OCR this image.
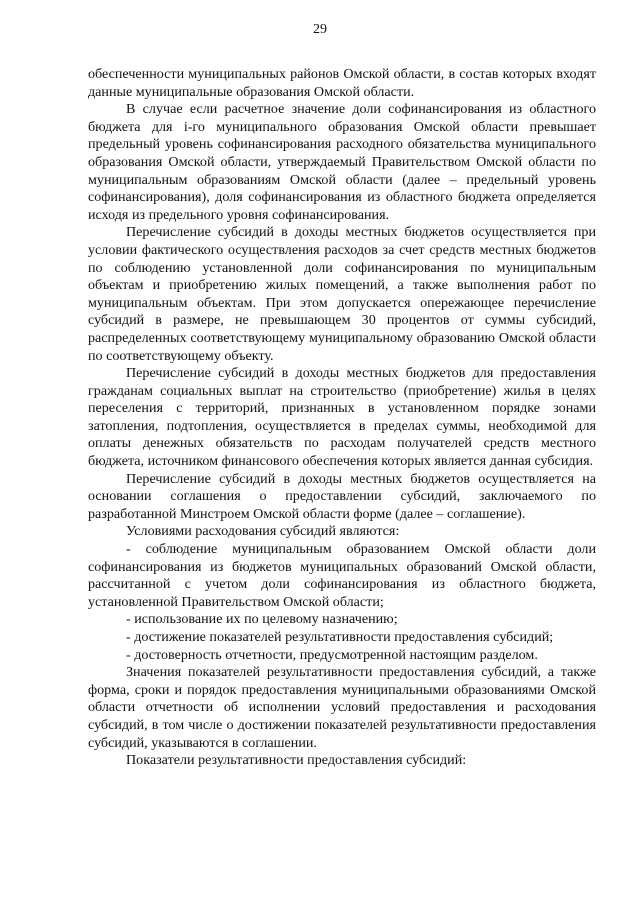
29

обеспеченности муниципальных районов Омской области, в состав которых входят данные муниципальные образования Омской области.

В случае если расчетное значение доли софинансирования из областного бюджета для i-го муниципального образования Омской области превышает предельный уровень софинансирования расходного обязательства муниципального образования Омской области, утверждаемый Правительством Омской области по муниципальным образованиям Омской области (далее – предельный уровень софинансирования), доля софинансирования из областного бюджета определяется исходя из предельного уровня софинансирования.

Перечисление субсидий в доходы местных бюджетов осуществляется при условии фактического осуществления расходов за счет средств местных бюджетов по соблюдению установленной доли софинансирования по муниципальным объектам и приобретению жилых помещений, а также выполнения работ по муниципальным объектам. При этом допускается опережающее перечисление субсидий в размере, не превышающем 30 процентов от суммы субсидий, распределенных соответствующему муниципальному образованию Омской области по соответствующему объекту.

Перечисление субсидий в доходы местных бюджетов для предоставления гражданам социальных выплат на строительство (приобретение) жилья в целях переселения с территорий, признанных в установленном порядке зонами затопления, подтопления, осуществляется в пределах суммы, необходимой для оплаты денежных обязательств по расходам получателей средств местного бюджета, источником финансового обеспечения которых является данная субсидия.

Перечисление субсидий в доходы местных бюджетов осуществляется на основании соглашения о предоставлении субсидий, заключаемого по разработанной Минстроем Омской области форме (далее – соглашение).

Условиями расходования субсидий являются:

- соблюдение муниципальным образованием Омской области доли софинансирования из бюджетов муниципальных образований Омской области, рассчитанной с учетом доли софинансирования из областного бюджета, установленной Правительством Омской области;

- использование их по целевому назначению;

- достижение показателей результативности предоставления субсидий;

- достоверность отчетности, предусмотренной настоящим разделом.

Значения показателей результативности предоставления субсидий, а также форма, сроки и порядок предоставления муниципальными образованиями Омской области отчетности об исполнении условий предоставления и расходования субсидий, в том числе о достижении показателей результативности предоставления субсидий, указываются в соглашении.

Показатели результативности предоставления субсидий:
